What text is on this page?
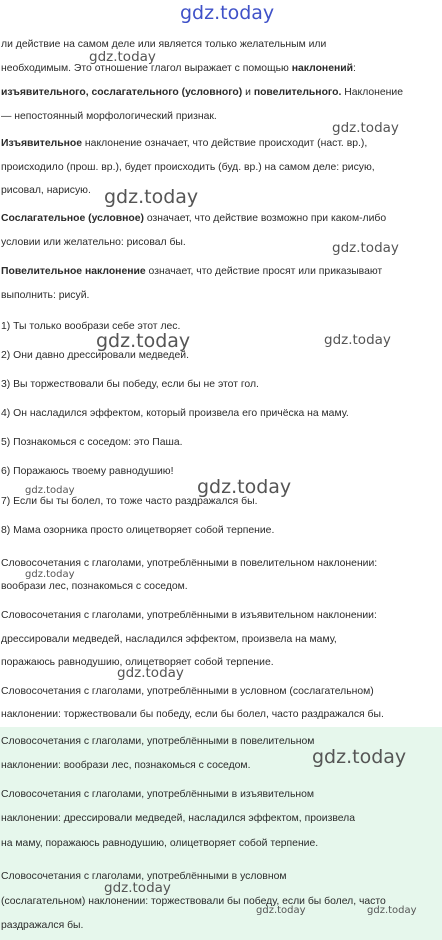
gdz.today
ли действие на самом деле или является только желательным или
необходимым. Это отношение глагол выражает с помощью наклонений:
изъявительного, сослагательного (условного) и повелительного. Наклонение
— непостоянный морфологический признак.
Изъявительное наклонение означает, что действие происходит (наст. вр.),
происходило (прош. вр.), будет происходить (буд. вр.) на самом деле: рисую,
рисовал, нарисую.
Сослагательное (условное) означает, что действие возможно при каком-либо
условии или желательно: рисовал бы.
Повелительное наклонение означает, что действие просят или приказывают
выполнить: рисуй.
1) Ты только вообрази себе этот лес.
2) Они давно дрессировали медведей.
3) Вы торжествовали бы победу, если бы не этот гол.
4) Он насладился эффектом, который произвела его причёска на маму.
5) Познакомься с соседом: это Паша.
6) Поражаюсь твоему равнодушию!
7) Если бы ты болел, то тоже часто раздражался бы.
8) Мама озорника просто олицетворяет собой терпение.
Словосочетания с глаголами, употреблёнными в повелительном наклонении:
вообрази лес, познакомься с соседом.
Словосочетания с глаголами, употреблёнными в изъявительном наклонении:
дрессировали медведей, насладился эффектом, произвела на маму,
поражаюсь равнодушию, олицетворяет собой терпение.
Словосочетания с глаголами, употреблёнными в условном (сослагательном)
наклонении: торжествовали бы победу, если бы болел, часто раздражался бы.
Словосочетания с глаголами, употреблёнными в повелительном
наклонении: вообрази лес, познакомься с соседом.
Словосочетания с глаголами, употреблёнными в изъявительном
наклонении: дрессировали медведей, насладился эффектом, произвела
на маму, поражаюсь равнодушию, олицетворяет собой терпение.
Словосочетания с глаголами, употреблёнными в условном
(сослагательном) наклонении: торжествовали бы победу, если бы болел, часто
раздражался бы.
gdz.today
gdz.today
gdz.today
gdz.today
gdz.today	gdz.today
gdz.today
gdz.today
gdz.today
gdz.today
gdz.today
gdz.today
gdz.today	gdz.today
